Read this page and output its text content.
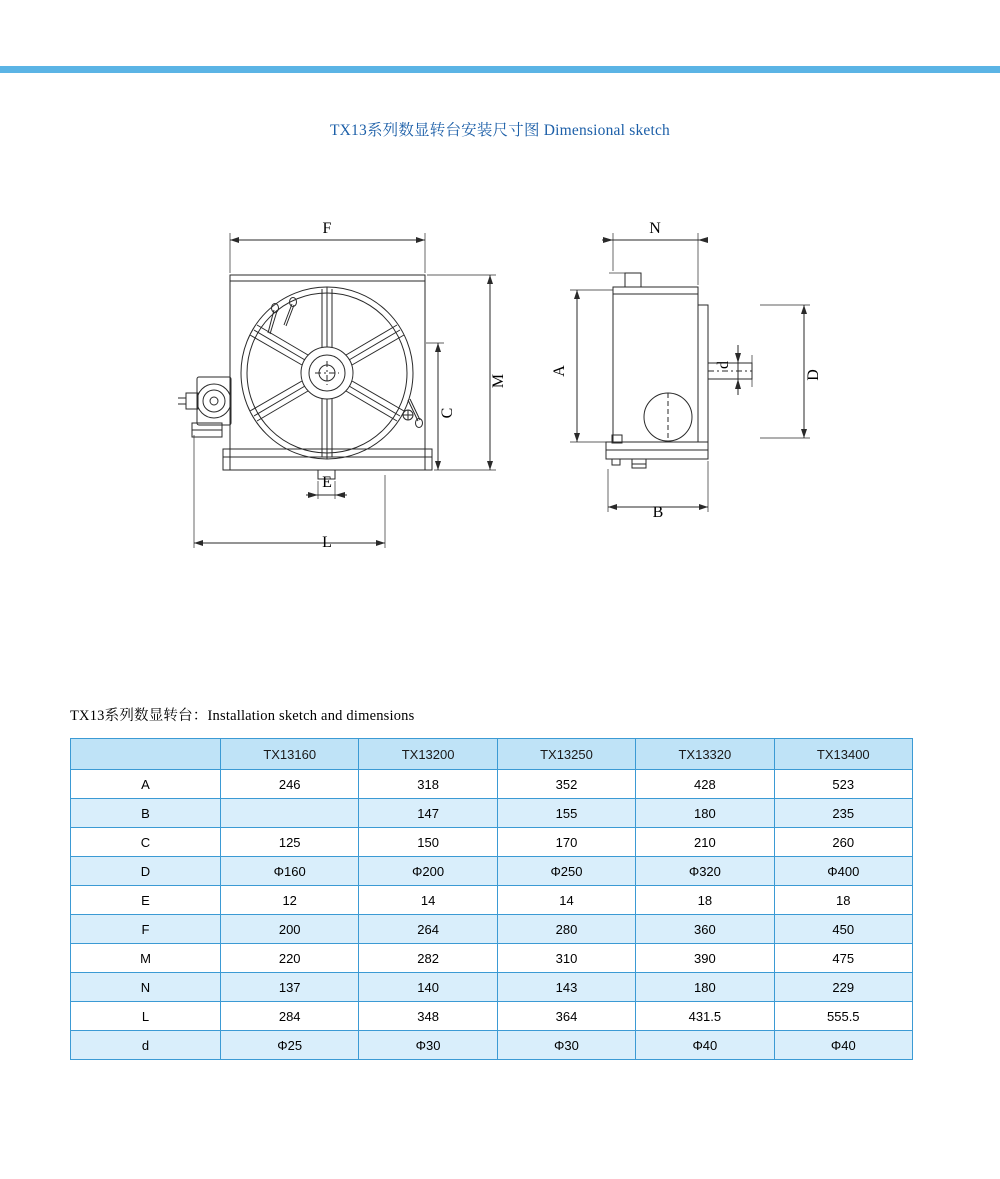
TX13系列数显转台安装尺寸图 Dimensional sketch
F
L
E
M
C
N
B
A	D
d
TX13系列数显转台：Installation sketch and dimensions
	TX13160	TX13200	TX13250	TX13320	TX13400
A	246	318	352	428	523
B		147	155	180	235
C	125	150	170	210	260
D	Φ160	Φ200	Φ250	Φ320	Φ400
E	12	14	14	18	18
F	200	264	280	360	450
M	220	282	310	390	475
N	137	140	143	180	229
L	284	348	364	431.5	555.5
d	Φ25	Φ30	Φ30	Φ40	Φ40
